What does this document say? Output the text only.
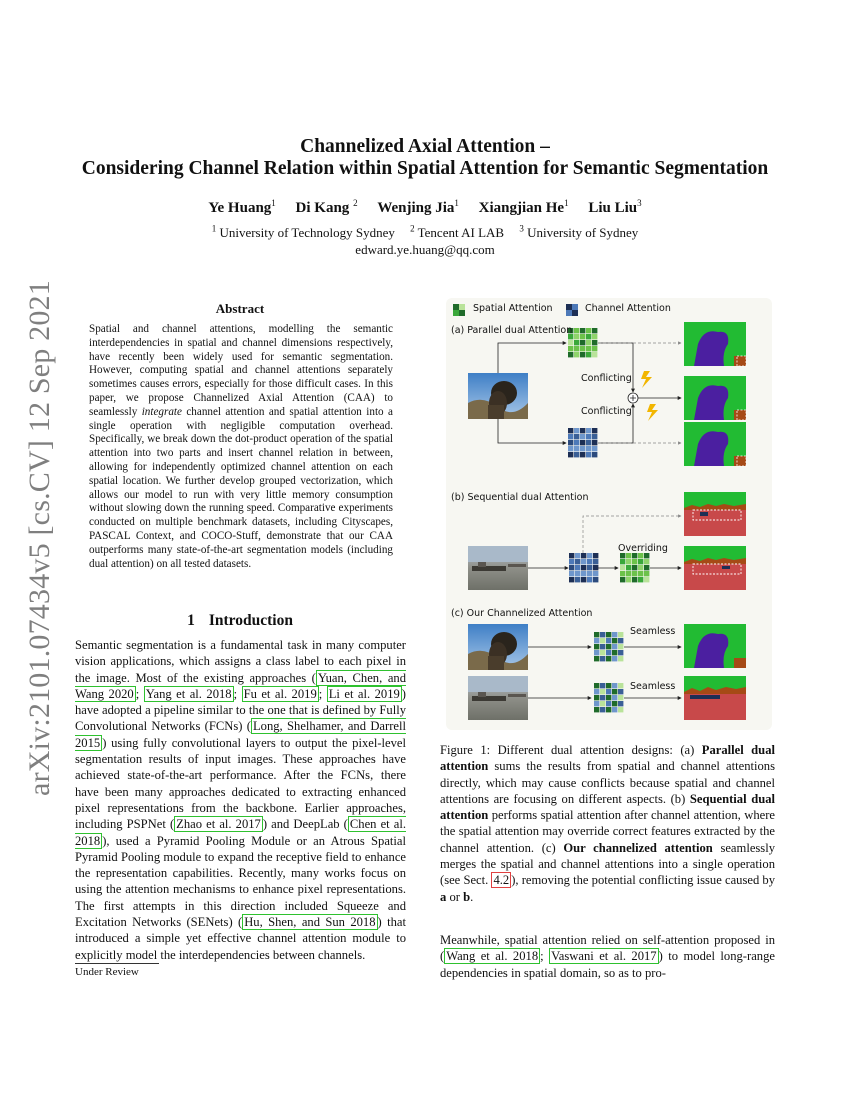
arXiv:2101.07434v5 [cs.CV] 12 Sep 2021
Channelized Axial Attention –
Considering Channel Relation within Spatial Attention for Semantic Segmentation
Ye Huang$^1$ Di Kang $^2$ Wenjing Jia$^1$ Xiangjian He$^1$ Liu Liu$^3$
$^1$ University of Technology Sydney $^2$ Tencent AI LAB $^3$ University of Sydney
edward.ye.huang@qq.com
Abstract
Spatial and channel attentions, modelling the semantic interdependencies in spatial and channel dimensions respectively, have recently been widely used for semantic segmentation. However, computing spatial and channel attentions separately sometimes causes errors, especially for those difficult cases. In this paper, we propose Channelized Axial Attention (CAA) to seamlessly integrate channel attention and spatial attention into a single operation with negligible computation overhead. Specifically, we break down the dot-product operation of the spatial attention into two parts and insert channel relation in between, allowing for independently optimized channel attention on each spatial location. We further develop grouped vectorization, which allows our model to run with very little memory consumption without slowing down the running speed. Comparative experiments conducted on multiple benchmark datasets, including Cityscapes, PASCAL Context, and COCO-Stuff, demonstrate that our CAA outperforms many state-of-the-art segmentation models (including dual attention) on all tested datasets.
1 Introduction
Semantic segmentation is a fundamental task in many computer vision applications, which assigns a class label to each pixel in the image. Most of the existing approaches ( Yuan, Chen, and Wang 2020 ; Yang et al. 2018 ; Fu et al. 2019 ; Li et al. 2019 ) have adopted a pipeline similar to the one that is defined by Fully Convolutional Networks (FCNs) ( Long, Shelhamer, and Darrell 2015 ) using fully convolutional layers to output the pixel-level segmentation results of input images. These approaches have achieved state-of-the-art performance. After the FCNs, there have been many approaches dedicated to extracting enhanced pixel representations from the backbone. Earlier approaches, including PSPNet ( Zhao et al. 2017 ) and DeepLab ( Chen et al. 2018 ), used a Pyramid Pooling Module or an Atrous Spatial Pyramid Pooling module to expand the receptive field to enhance the representation capabilities. Recently, many works focus on using the attention mechanisms to enhance pixel representations. The first attempts in this direction included Squeeze and Excitation Networks (SENets) ( Hu, Shen, and Sun 2018 ) that introduced a simple yet effective channel attention module to explicitly model the interdependencies between channels.
Under Review
Spatial Attention	Channel Attention
(a) Parallel dual Attention
Conflicting
Conflicting
(b) Sequential dual Attention
Overriding
(c) Our Channelized Attention
Seamless
Seamless
Figure 1: Different dual attention designs: (a) Parallel dual attention sums the results from spatial and channel attentions directly, which may cause conflicts because spatial and channel attentions are focusing on different aspects. (b) Sequential dual attention performs spatial attention after channel attention, where the spatial attention may override correct features extracted by the channel attention. (c) Our channelized attention seamlessly merges the spatial and channel attentions into a single operation (see Sect. 4.2 ), removing the potential conflicting issue caused by a or b.
Meanwhile, spatial attention relied on self-attention proposed in ( Wang et al. 2018 ; Vaswani et al. 2017 ) to model long-range dependencies in spatial domain, so as to pro-
